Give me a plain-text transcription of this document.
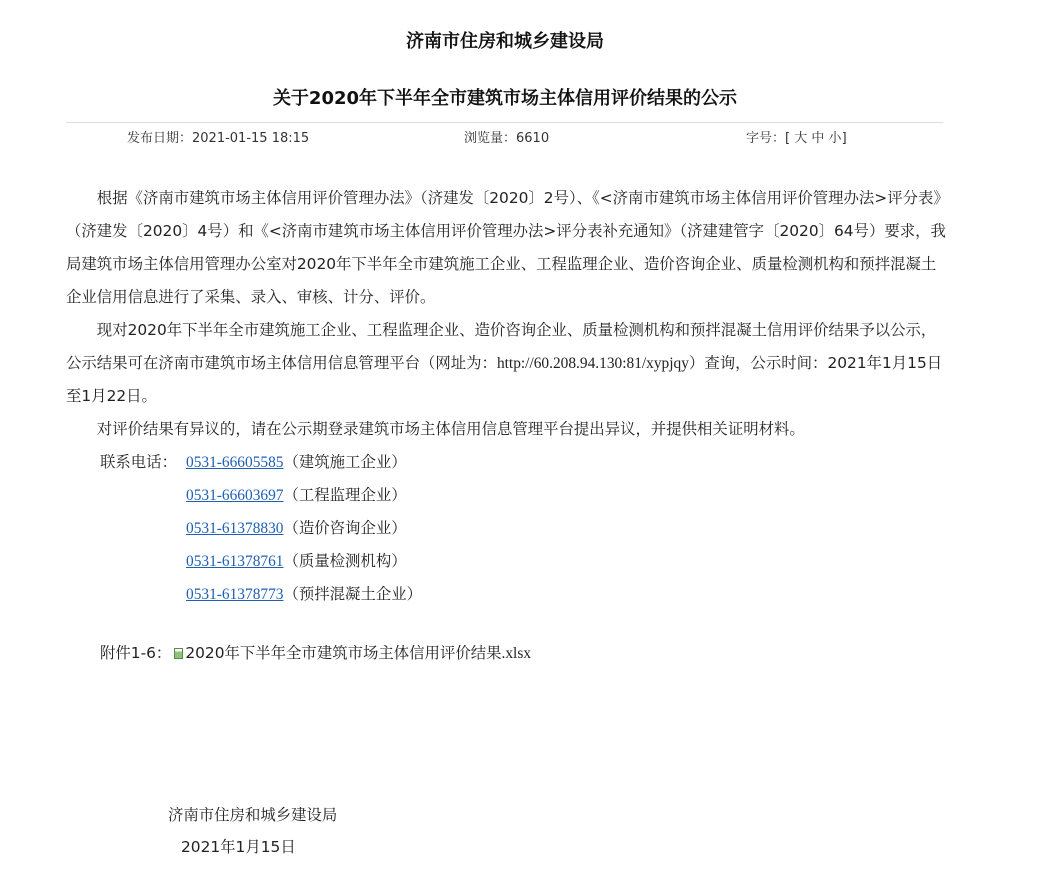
济南市住房和城乡建设局
关于2020年下半年全市建筑市场主体信用评价结果的公示
发布日期：2021-01-15 18:15	浏览量：6610	字号：[ 大 中 小]

根据《济南市建筑市场主体信用评价管理办法》（济建发〔2020〕2号）、《<济南市建筑市场主体信用评价管理办法>评分表》（济建发〔2020〕4号）和《<济南市建筑市场主体信用评价管理办法>评分表补充通知》（济建建管字〔2020〕64号）要求，我局建筑市场主体信用管理办公室对2020年下半年全市建筑施工企业、工程监理企业、造价咨询企业、质量检测机构和预拌混凝土企业信用信息进行了采集、录入、审核、计分、评价。

现对2020年下半年全市建筑施工企业、工程监理企业、造价咨询企业、质量检测机构和预拌混凝土信用评价结果予以公示，公示结果可在济南市建筑市场主体信用信息管理平台（网址为：http://60.208.94.130:81/xypjqy）查询，公示时间：2021年1月15日至1月22日。

对评价结果有异议的，请在公示期登录建筑市场主体信用信息管理平台提出异议，并提供相关证明材料。

联系电话： 0531-66605585（建筑施工企业）
0531-66603697（工程监理企业）
0531-61378830（造价咨询企业）
0531-61378761（质量检测机构）
0531-61378773（预拌混凝土企业）
附件1-6： 2020年下半年全市建筑市场主体信用评价结果.xlsx
济南市住房和城乡建设局
2021年1月15日
